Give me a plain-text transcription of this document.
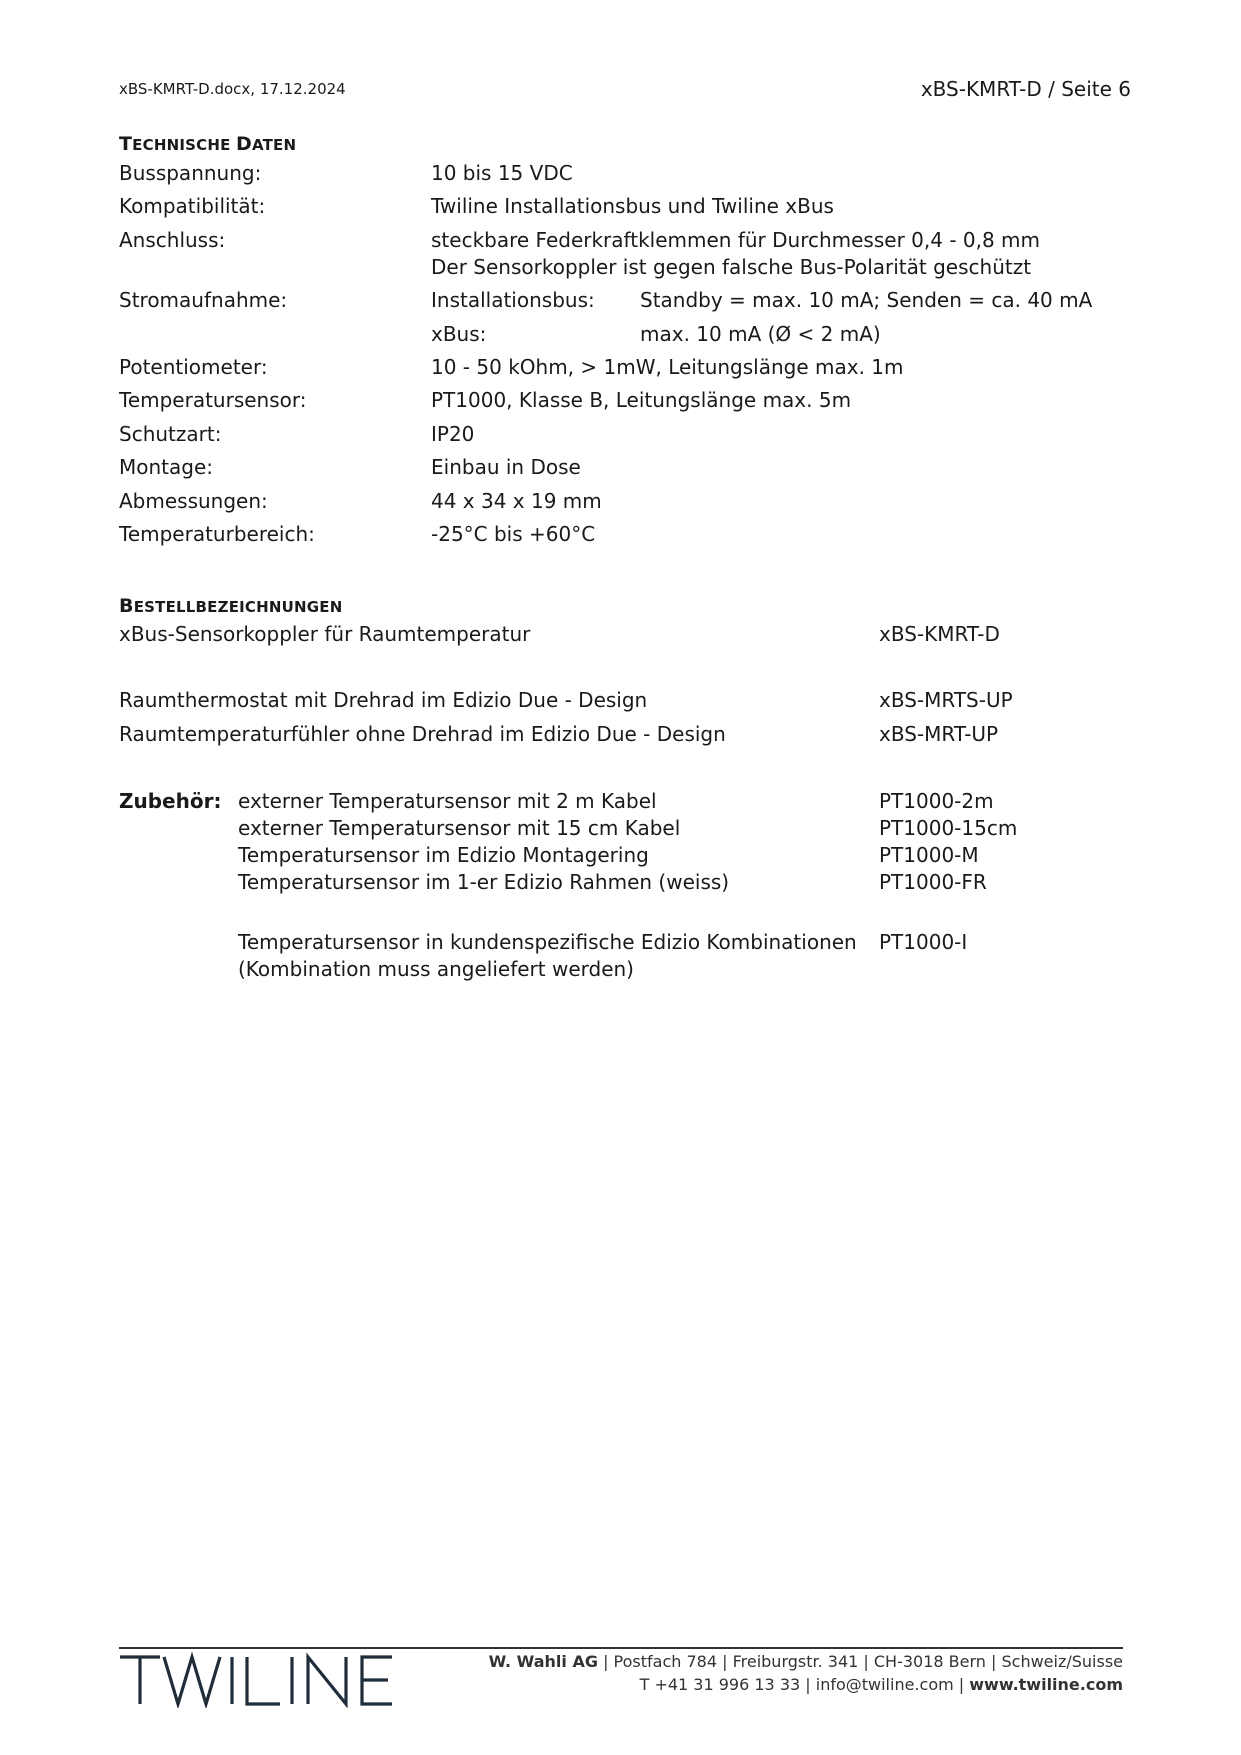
xBS-KMRT-D.docx, 17.12.2024	xBS-KMRT-D / Seite 6
TECHNISCHE DATEN
Busspannung:	10 bis 15 VDC
Kompatibilität:	Twiline Installationsbus und Twiline xBus
Anschluss:	steckbare Federkraftklemmen für Durchmesser 0,4 - 0,8 mm
Der Sensorkoppler ist gegen falsche Bus-Polarität geschützt
Stromaufnahme:	Installationsbus: Standby = max. 10 mA; Senden = ca. 40 mA
xBus:	max. 10 mA (Ø < 2 mA)
Potentiometer:	10 - 50 kOhm, > 1mW, Leitungslänge max. 1m
Temperatursensor:	PT1000, Klasse B, Leitungslänge max. 5m
Schutzart:	IP20
Montage:	Einbau in Dose
Abmessungen:	44 x 34 x 19 mm
Temperaturbereich:	-25°C bis +60°C
BESTELLBEZEICHNUNGEN
xBus-Sensorkoppler für Raumtemperatur	xBS-KMRT-D
Raumthermostat mit Drehrad im Edizio Due - Design	xBS-MRTS-UP
Raumtemperaturfühler ohne Drehrad im Edizio Due - Design	xBS-MRT-UP
Zubehör: externer Temperatursensor mit 2 m Kabel	PT1000-2m
externer Temperatursensor mit 15 cm Kabel	PT1000-15cm
Temperatursensor im Edizio Montagering	PT1000-M
Temperatursensor im 1-er Edizio Rahmen (weiss)	PT1000-FR
Temperatursensor in kundenspezifische Edizio Kombinationen PT1000-I
(Kombination muss angeliefert werden)
W. Wahli AG | Postfach 784 | Freiburgstr. 341 | CH-3018 Bern | Schweiz/Suisse
T +41 31 996 13 33 | info@twiline.com | www.twiline.com
